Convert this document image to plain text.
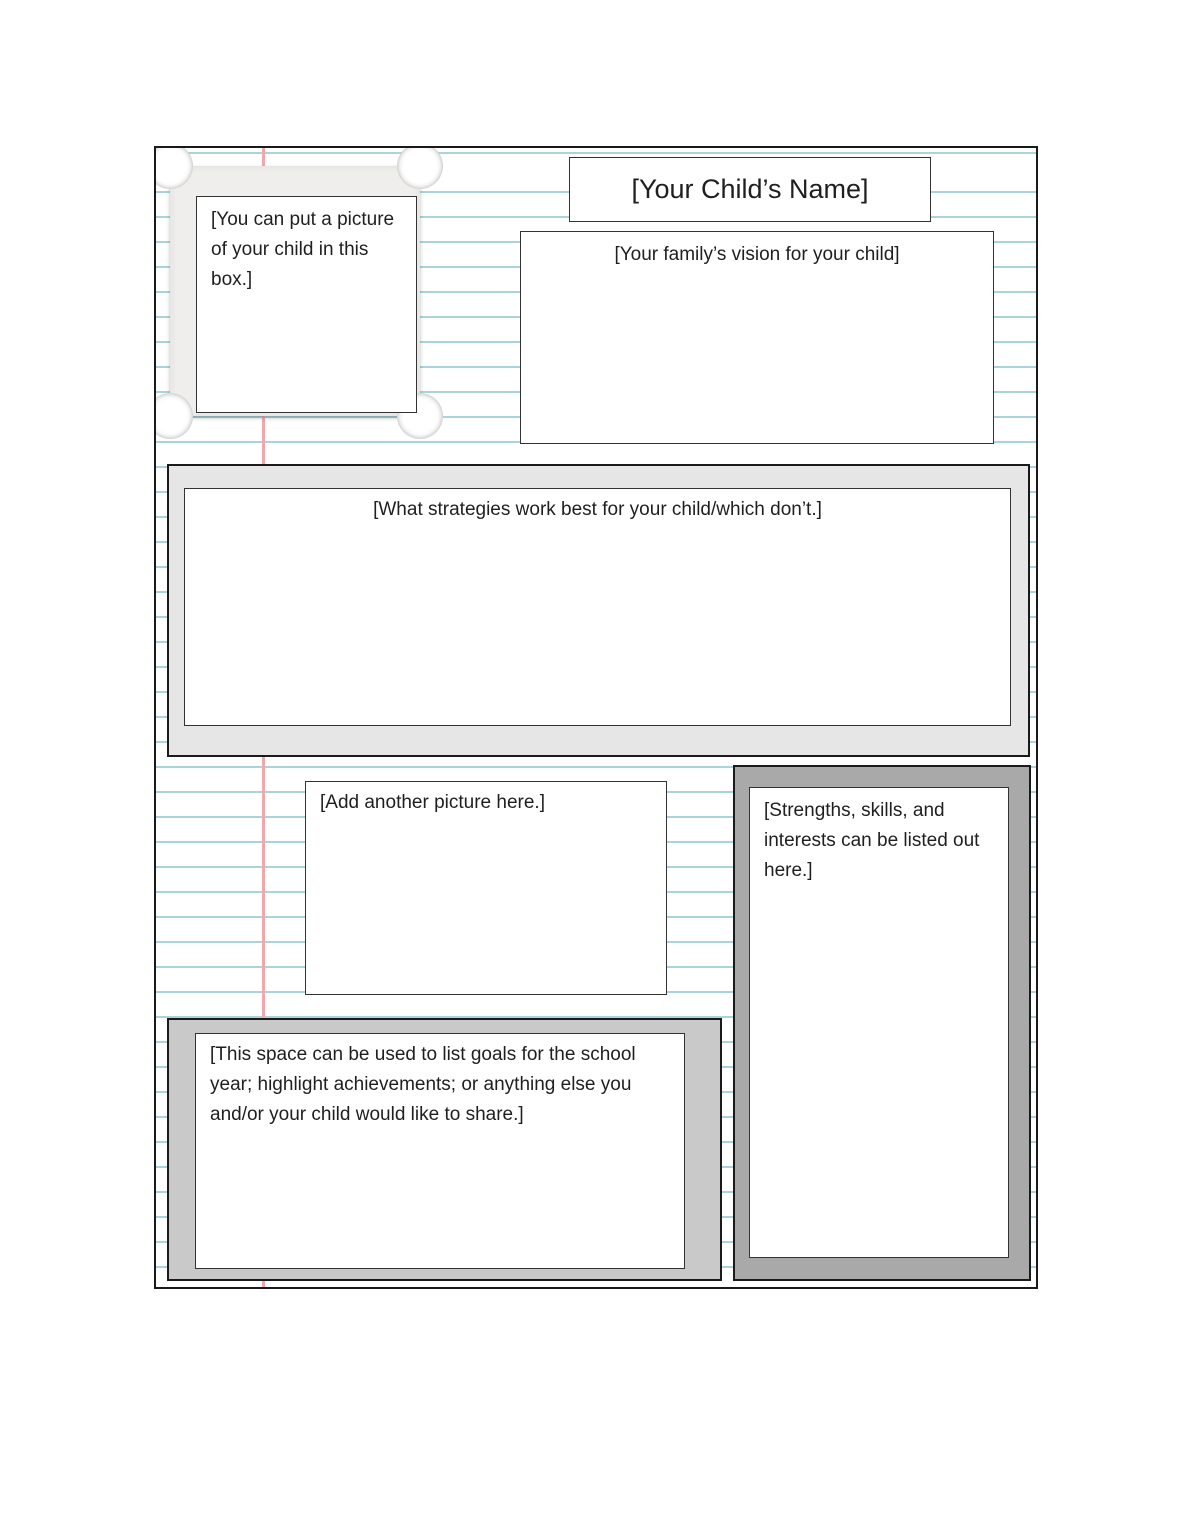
[You can put a picture of your child in this box.]
[Your Child’s Name]
[Your family’s vision for your child]
[What strategies work best for your child/which don’t.]
[Add another picture here.]
[This space can be used to list goals for the school year; highlight achievements; or anything else you and/or your child would like to share.]
[Strengths, skills, and interests can be listed out here.]
